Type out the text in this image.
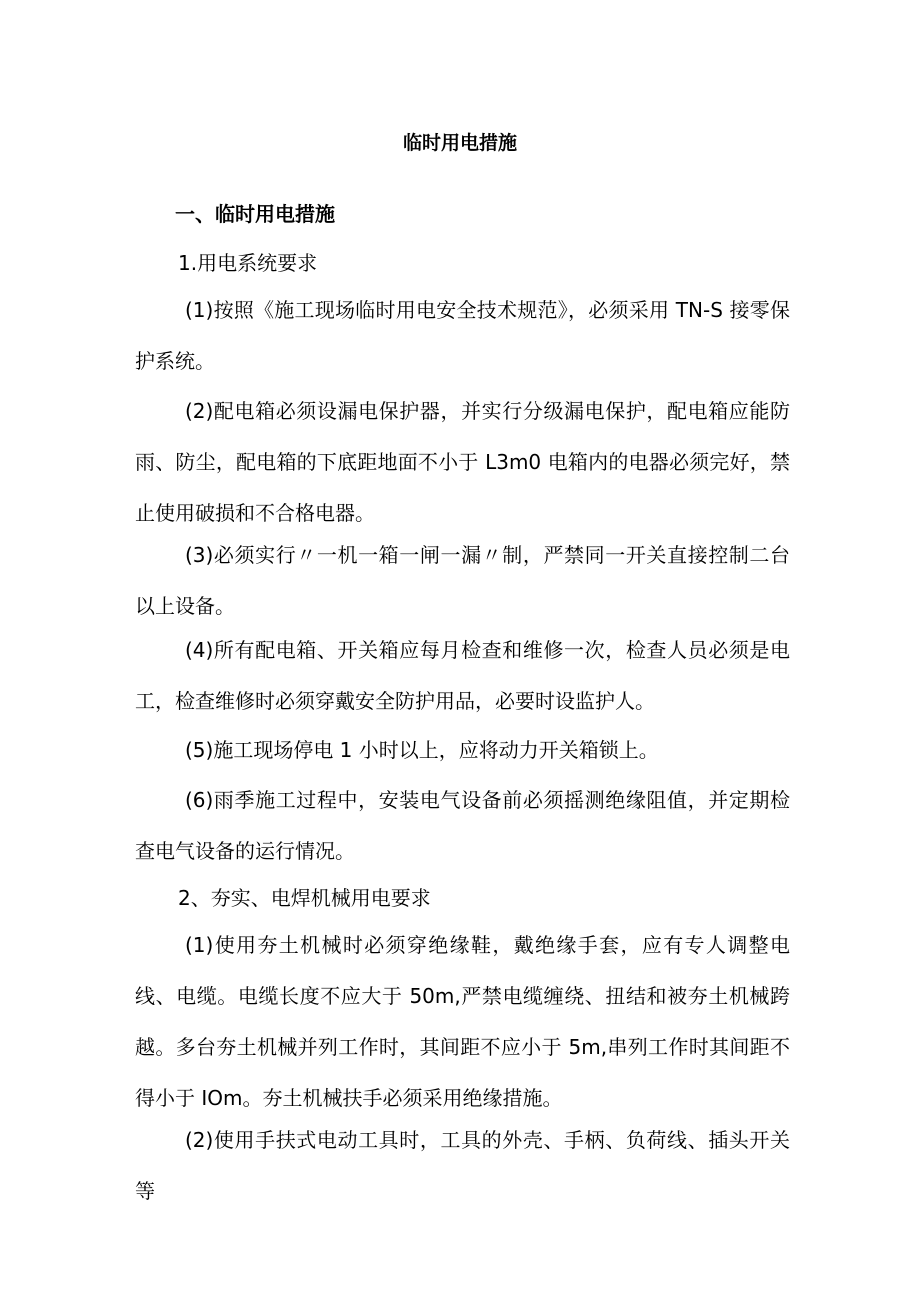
临时用电措施
一、临时用电措施

1.用电系统要求

(1)按照《施工现场临时用电安全技术规范》，必须采用 TN-S 接零保护系统。

(2)配电箱必须设漏电保护器，并实行分级漏电保护，配电箱应能防雨、防尘，配电箱的下底距地面不小于 L3m0 电箱内的电器必须完好，禁止使用破损和不合格电器。

(3)必须实行〃一机一箱一闸一漏〃制，严禁同一开关直接控制二台以上设备。

(4)所有配电箱、开关箱应每月检查和维修一次，检查人员必须是电工，检查维修时必须穿戴安全防护用品，必要时设监护人。

(5)施工现场停电 1 小时以上，应将动力开关箱锁上。

(6)雨季施工过程中，安装电气设备前必须摇测绝缘阻值，并定期检查电气设备的运行情况。

2、夯实、电焊机械用电要求

(1)使用夯土机械时必须穿绝缘鞋，戴绝缘手套，应有专人调整电线、电缆。电缆长度不应大于 50m,严禁电缆缠绕、扭结和被夯土机械跨越。多台夯土机械并列工作时，其间距不应小于 5m,串列工作时其间距不得小于 IOm。夯土机械扶手必须采用绝缘措施。

(2)使用手扶式电动工具时，工具的外壳、手柄、负荷线、插头开关等
